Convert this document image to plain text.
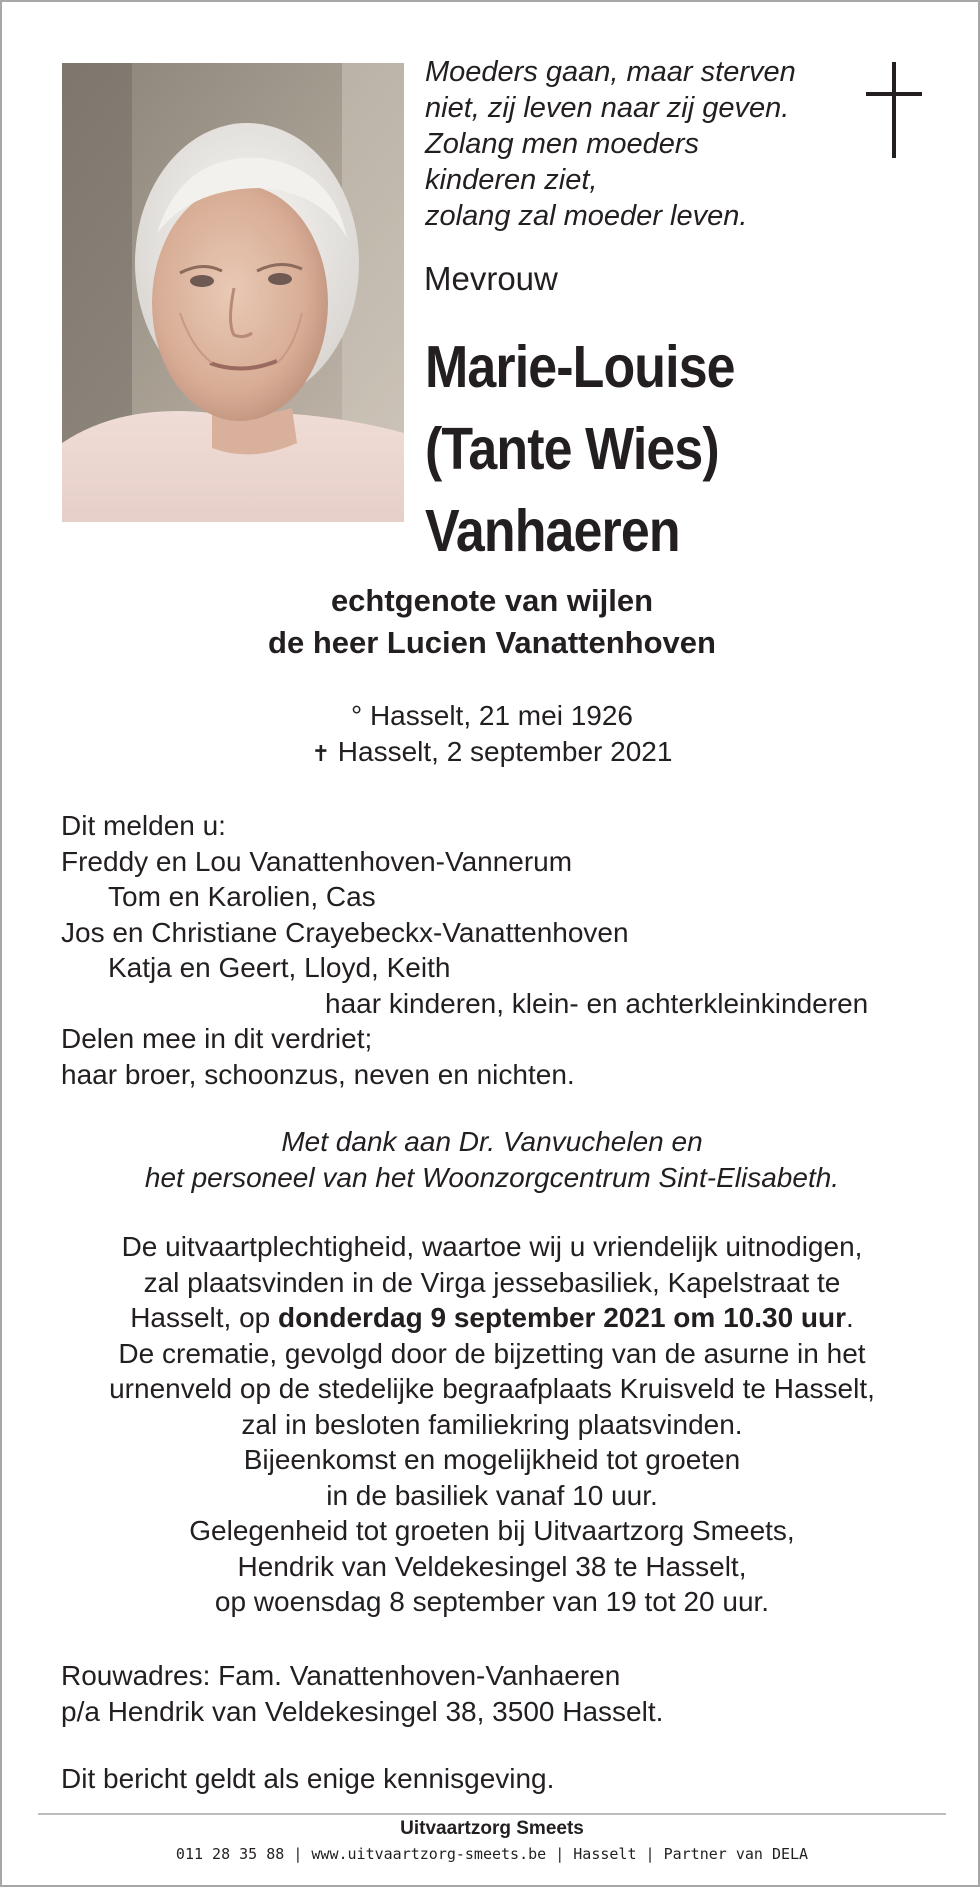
Moeders gaan, maar sterven
niet, zij leven naar zij geven.
Zolang men moeders
kinderen ziet,
zolang zal moeder leven.
Mevrouw
Marie-Louise
(Tante Wies)
Vanhaeren
echtgenote van wijlen
de heer Lucien Vanattenhoven
° Hasselt, 21 mei 1926
✝ Hasselt, 2 september 2021
Dit melden u:
Freddy en Lou Vanattenhoven-Vannerum
Tom en Karolien, Cas
Jos en Christiane Crayebeckx-Vanattenhoven
Katja en Geert, Lloyd, Keith
haar kinderen, klein- en achterkleinkinderen
Delen mee in dit verdriet;
haar broer, schoonzus, neven en nichten.
Met dank aan Dr. Vanvuchelen en
het personeel van het Woonzorgcentrum Sint-Elisabeth.
De uitvaartplechtigheid, waartoe wij u vriendelijk uitnodigen,
zal plaatsvinden in de Virga jessebasiliek, Kapelstraat te
Hasselt, op donderdag 9 september 2021 om 10.30 uur.
De crematie, gevolgd door de bijzetting van de asurne in het
urnenveld op de stedelijke begraafplaats Kruisveld te Hasselt,
zal in besloten familiekring plaatsvinden.
Bijeenkomst en mogelijkheid tot groeten
in de basiliek vanaf 10 uur.
Gelegenheid tot groeten bij Uitvaartzorg Smeets,
Hendrik van Veldekesingel 38 te Hasselt,
op woensdag 8 september van 19 tot 20 uur.
Rouwadres: Fam. Vanattenhoven-Vanhaeren
p/a Hendrik van Veldekesingel 38, 3500 Hasselt.
Dit bericht geldt als enige kennisgeving.
Uitvaartzorg Smeets
011 28 35 88 | www.uitvaartzorg-smeets.be | Hasselt | Partner van DELA
